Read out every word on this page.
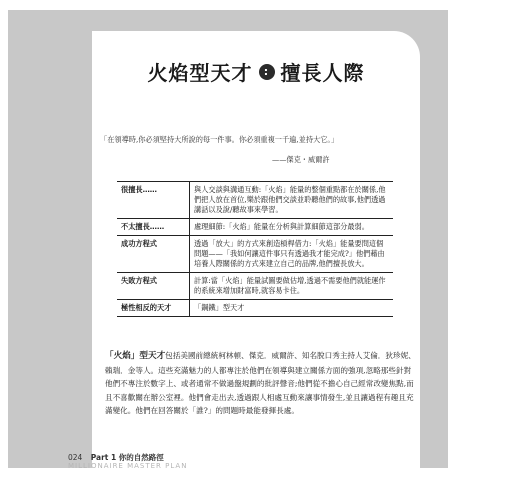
火焰型天才	: 擅長人際
「在領導時,你必須堅持大所說的每一件事。你必須重複一千遍,並持大它。」
——傑克・威爾許
很擅長……	與人交談與溝通互動:「火焰」能量的整個重點都在於關係,他們把人放在首位,樂於跟他們交談並聆聽他們的故事,他們透過講話以及說/聽故事來學習。
不太擅長……	處理細節:「火焰」能量在分析與計算細節這部分最弱。
成功方程式	透過「放大」的方式來創造槓桿借力:「火焰」能量要問這個問題——「我如何讓這件事只有透過我才能完成?」他們藉由培養人際關係的方式來建立自己的品牌,他們擅長放大。
失敗方程式	計算:當「火焰」能量試圖要做估增,透過不需要他們就能運作的系統來增加財富時,就容易卡住。
極性相反的天才	「鋼鐵」型天才
「火焰」型天才包括美國前總統柯林頓、傑克．威爾許、知名脫口秀主持人艾倫．狄珍妮、賴瑞．金等人。這些充滿魅力的人都專注於他們在領導與建立關係方面的強項,忽略那些針對他們不專注於數字上、或者通常不做過盤規劃的批評聲音;他們從不擔心自己經常改變焦點,而且不喜歡關在辦公室裡。他們會走出去,透過跟人相處互動來讓事情發生,並且讓過程有趣且充滿變化。他們在回答關於「誰?」的問題時最能發揮長處。
024 Part 1 你的自然路徑
MILLIONAIRE MASTER PLAN
